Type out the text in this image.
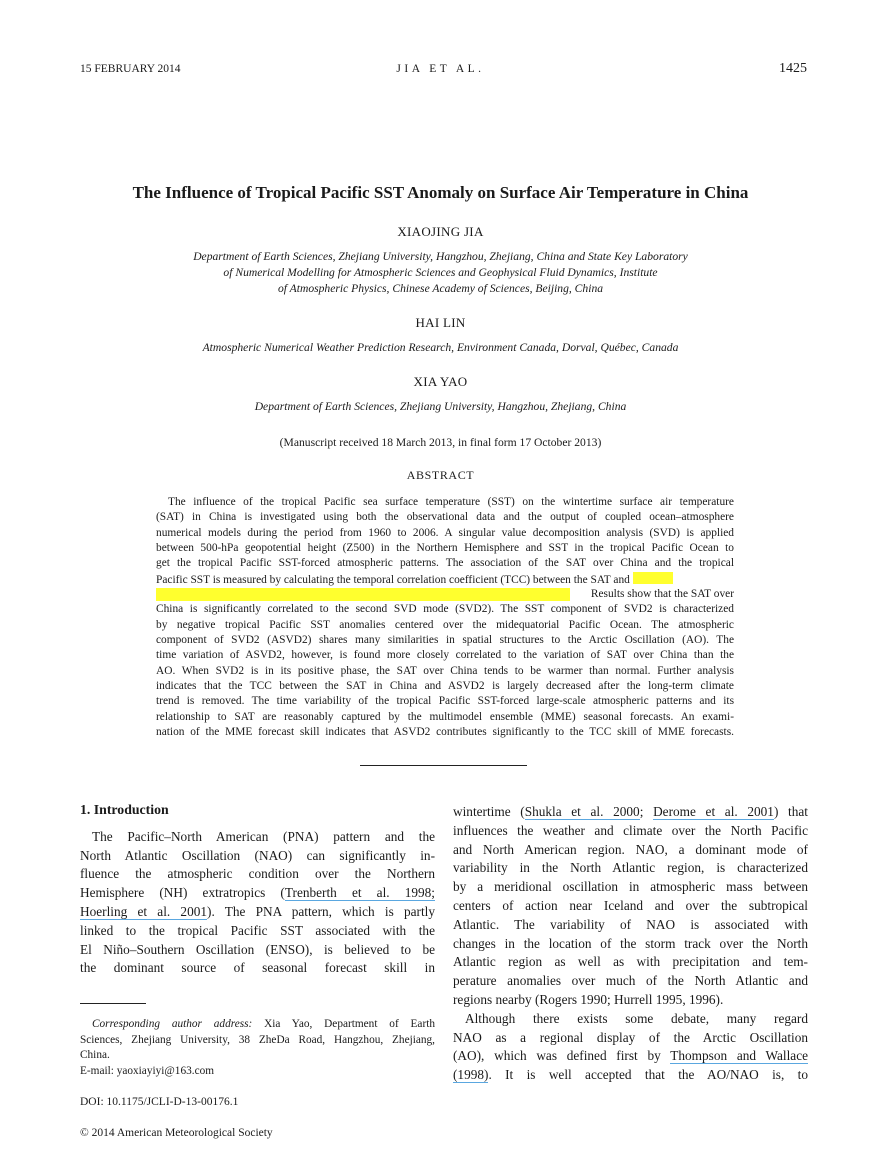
15 FEBRUARY 2014	JIA ET AL.	1425
The Influence of Tropical Pacific SST Anomaly on Surface Air Temperature in China
XIAOJING JIA
Department of Earth Sciences, Zhejiang University, Hangzhou, Zhejiang, China and State Key Laboratory
of Numerical Modelling for Atmospheric Sciences and Geophysical Fluid Dynamics, Institute
of Atmospheric Physics, Chinese Academy of Sciences, Beijing, China
HAI LIN
Atmospheric Numerical Weather Prediction Research, Environment Canada, Dorval, Québec, Canada
XIA YAO
Department of Earth Sciences, Zhejiang University, Hangzhou, Zhejiang, China
(Manuscript received 18 March 2013, in final form 17 October 2013)
ABSTRACT
The influence of the tropical Pacific sea surface temperature (SST) on the wintertime surface air temperature
(SAT) in China is investigated using both the observational data and the output of coupled ocean–atmosphere
numerical models during the period from 1960 to 2006. A singular value decomposition analysis (SVD) is applied
between 500-hPa geopotential height (Z500) in the Northern Hemisphere and SST in the tropical Pacific Ocean to
get the tropical Pacific SST-forced atmospheric patterns. The association of the SAT over China and the tropical
Pacific SST is measured by calculating the temporal correlation coefficient (TCC) between the SAT and
Results show that the SAT over
China is significantly correlated to the second SVD mode (SVD2). The SST component of SVD2 is characterized
by negative tropical Pacific SST anomalies centered over the midequatorial Pacific Ocean. The atmospheric
component of SVD2 (ASVD2) shares many similarities in spatial structures to the Arctic Oscillation (AO). The
time variation of ASVD2, however, is found more closely correlated to the variation of SAT over China than the
AO. When SVD2 is in its positive phase, the SAT over China tends to be warmer than normal. Further analysis
indicates that the TCC between the SAT in China and ASVD2 is largely decreased after the long-term climate
trend is removed. The time variability of the tropical Pacific SST-forced large-scale atmospheric patterns and its
relationship to SAT are reasonably captured by the multimodel ensemble (MME) seasonal forecasts. An exami-
nation of the MME forecast skill indicates that ASVD2 contributes significantly to the TCC skill of MME forecasts.
1. Introduction
The Pacific–North American (PNA) pattern and the
North Atlantic Oscillation (NAO) can significantly in-
fluence the atmospheric condition over the Northern
Hemisphere (NH) extratropics (Trenberth et al. 1998;
Hoerling et al. 2001). The PNA pattern, which is partly
linked to the tropical Pacific SST associated with the
El Niño–Southern Oscillation (ENSO), is believed to be
the dominant source of seasonal forecast skill in
Corresponding author address: Xia Yao, Department of Earth
Sciences, Zhejiang University, 38 ZheDa Road, Hangzhou, Zhejiang,
China.
E-mail: yaoxiayiyi@163.com
DOI: 10.1175/JCLI-D-13-00176.1
© 2014 American Meteorological Society
wintertime (Shukla et al. 2000; Derome et al. 2001) that
influences the weather and climate over the North Pacific
and North American region. NAO, a dominant mode of
variability in the North Atlantic region, is characterized
by a meridional oscillation in atmospheric mass between
centers of action near Iceland and over the subtropical
Atlantic. The variability of NAO is associated with
changes in the location of the storm track over the North
Atlantic region as well as with precipitation and tem-
perature anomalies over much of the North Atlantic and
regions nearby (Rogers 1990; Hurrell 1995, 1996).
Although there exists some debate, many regard
NAO as a regional display of the Arctic Oscillation
(AO), which was defined first by Thompson and Wallace
(1998). It is well accepted that the AO/NAO is, to
